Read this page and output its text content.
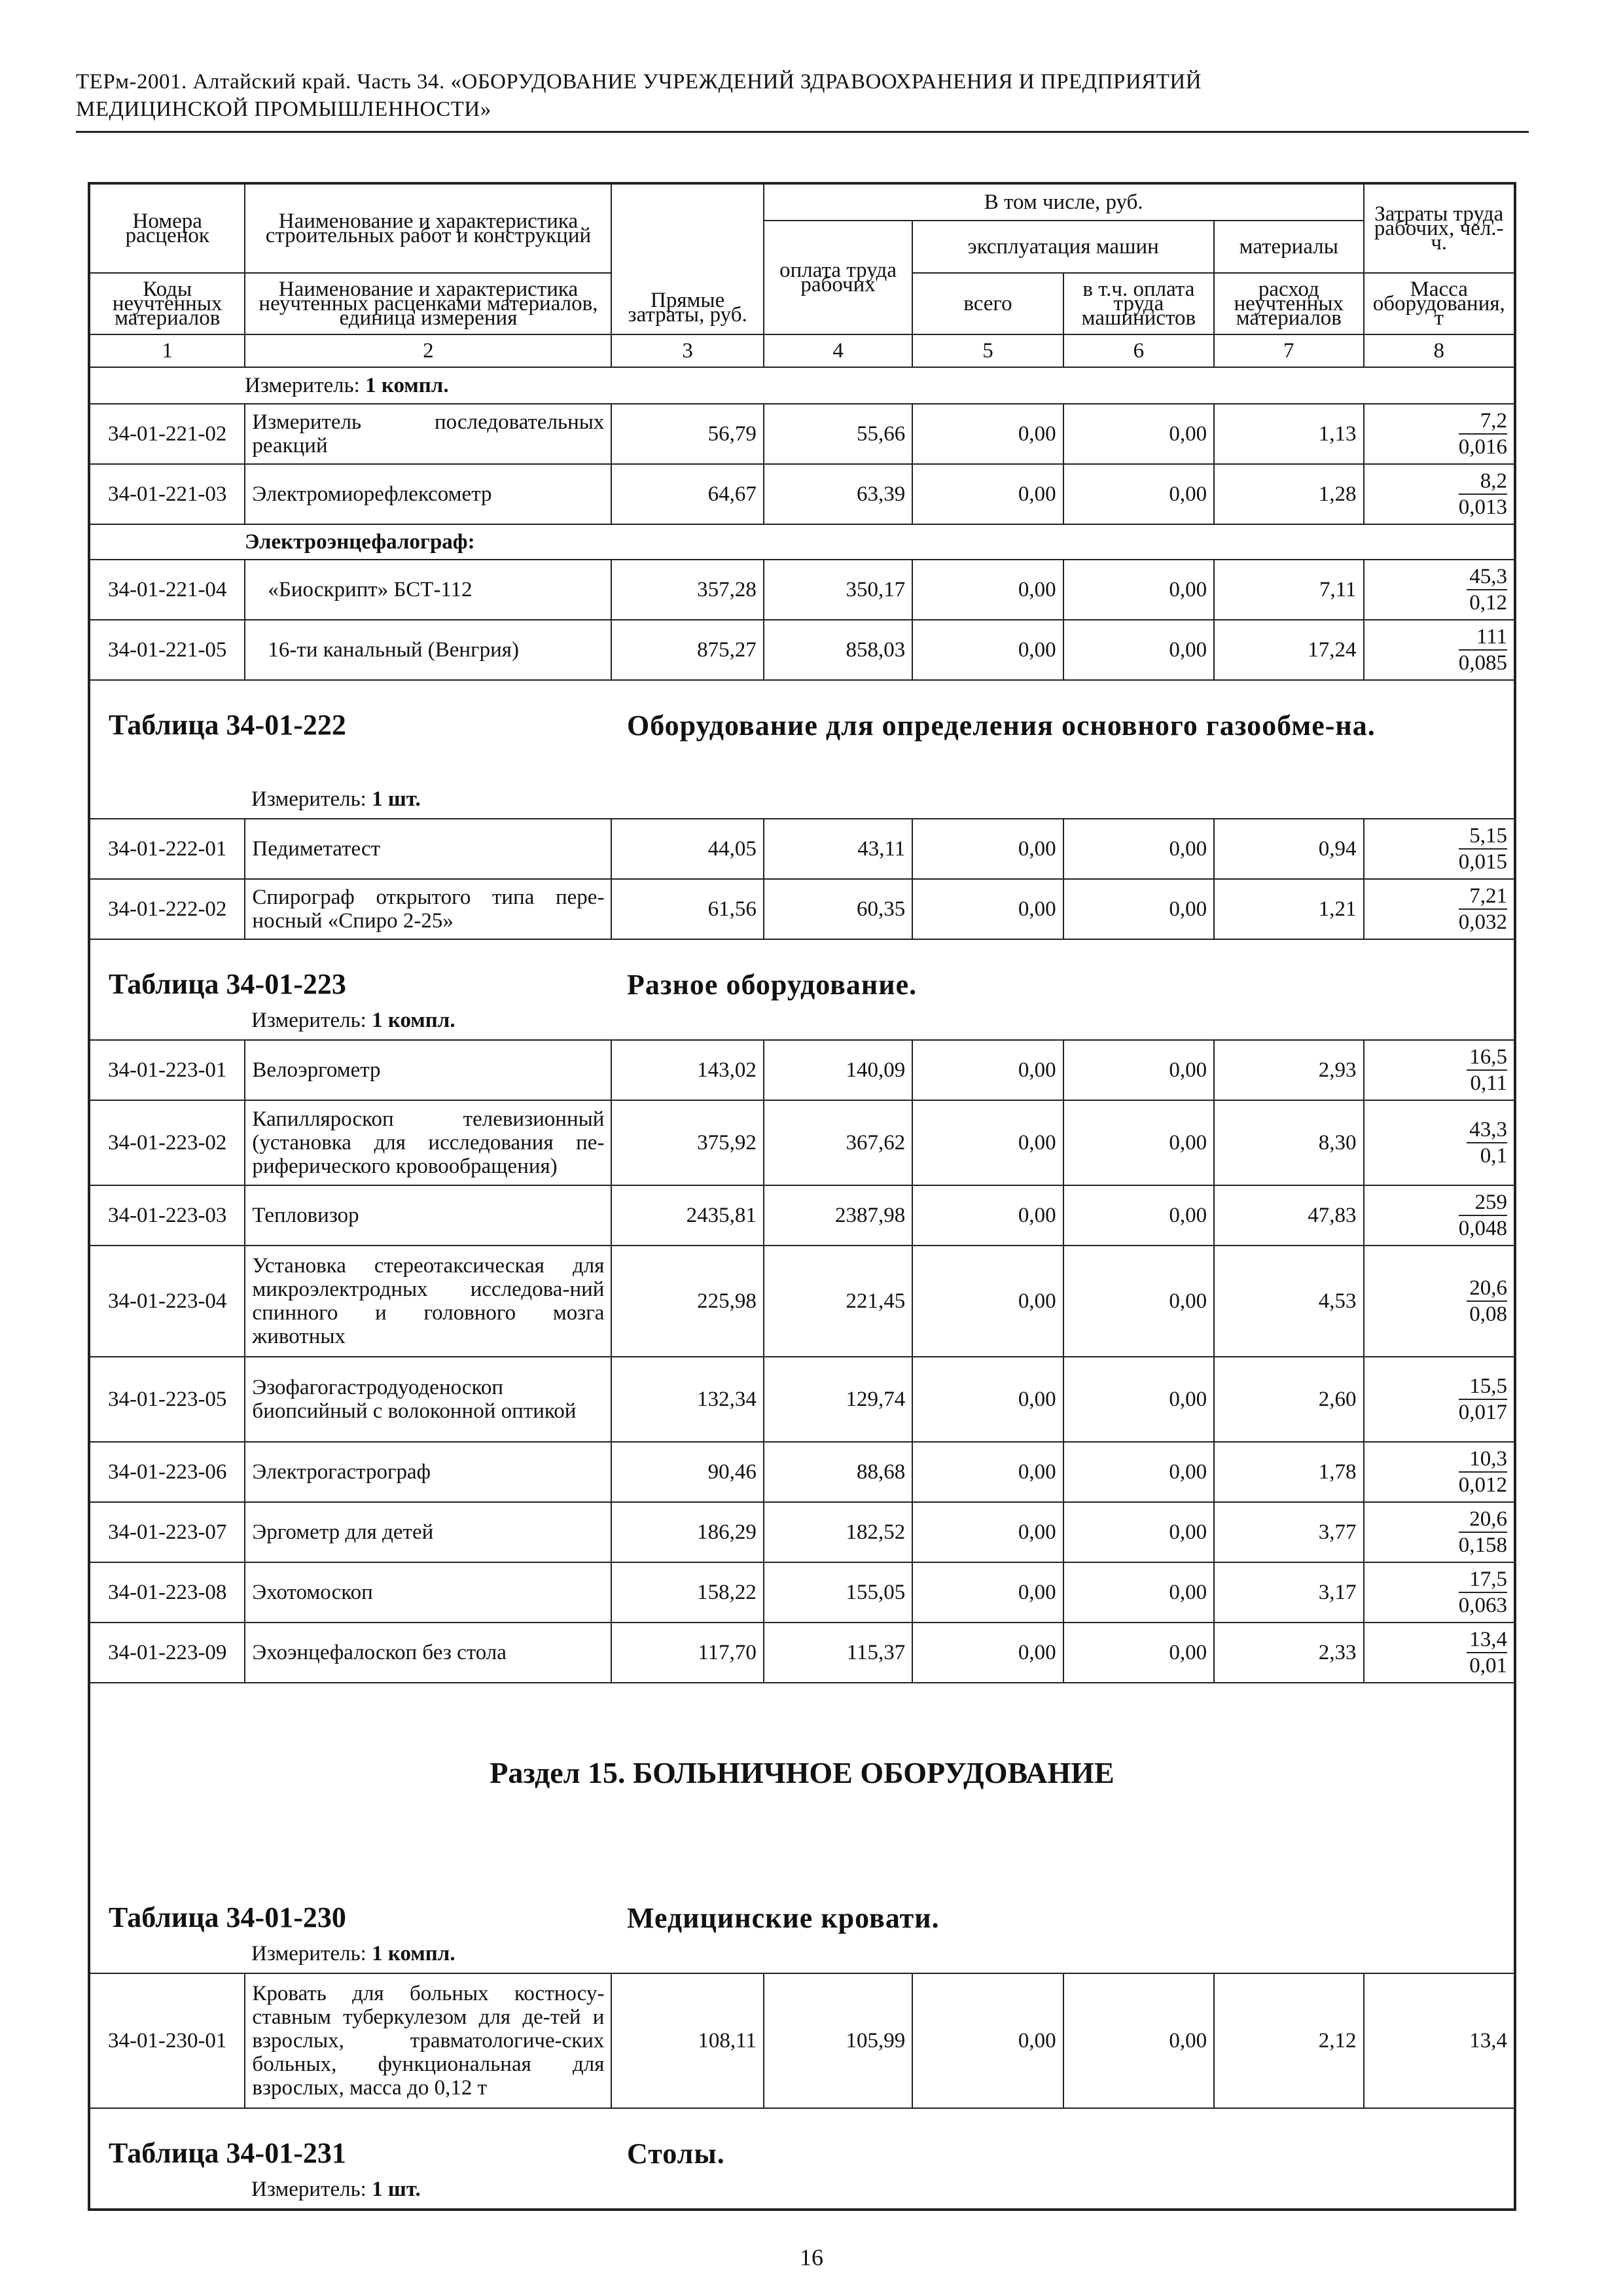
ТЕРм-2001. Алтайский край. Часть 34. «ОБОРУДОВАНИЕ УЧРЕЖДЕНИЙ ЗДРАВООХРАНЕНИЯ И ПРЕДПРИЯТИЙ
МЕДИЦИНСКОЙ ПРОМЫШЛЕННОСТИ»
Номера расценок	Наименование и характеристика строительных работ и конструкций	Прямые затраты, руб.	В том числе, руб.				Затраты труда рабочих, чел.-ч.
			оплата труда рабочих	эксплуатация машин		материалы	
Коды неучтенных материалов	Наименование и характеристика неучтенных расценками материалов, единица измерения			всего	в т.ч. оплата труда машинистов	расход неучтенных материалов	Масса оборудования, т
1	2	3	4	5	6	7	8

Измеритель: 1 компл.							

34-01-221-02	Измеритель последовательных реакций	56,79	55,66	0,00	0,00	1,13	$\frac{7,2}{0,016}$

34-01-221-03	Электромиорефлексометр	64,67	63,39	0,00	0,00	1,28	$\frac{8,2}{0,013}$

Электроэнцефалограф:							

34-01-221-04	«Биоскрипт» БСТ-112	357,28	350,17	0,00	0,00	7,11	$\frac{45,3}{0,12}$

34-01-221-05	16-ти канальный (Венгрия)	875,27	858,03	0,00	0,00	17,24	$\frac{111}{0,085}$

Таблица 34-01-222 Оборудование для определения основного газообме-на.
Измеритель: 1 шт.							

34-01-222-01	Педиметатест	44,05	43,11	0,00	0,00	0,94	$\frac{5,15}{0,015}$

34-01-222-02	Спирограф открытого типа пере-носный «Спиро 2-25»	61,56	60,35	0,00	0,00	1,21	$\frac{7,21}{0,032}$

Таблица 34-01-223 Разное оборудование.
Измеритель: 1 компл.							

34-01-223-01	Велоэргометр	143,02	140,09	0,00	0,00	2,93	$\frac{16,5}{0,11}$

34-01-223-02	Капилляроскоп телевизионный (установка для исследования пе-риферического кровообращения)	375,92	367,62	0,00	0,00	8,30	$\frac{43,3}{0,1}$

34-01-223-03	Тепловизор	2435,81	2387,98	0,00	0,00	47,83	$\frac{259}{0,048}$

34-01-223-04	Установка стереотаксическая для микроэлектродных исследова-ний спинного и головного мозга животных	225,98	221,45	0,00	0,00	4,53	$\frac{20,6}{0,08}$

34-01-223-05	Эзофагогастродуоденоскоп биопсийный с волоконной оптикой	132,34	129,74	0,00	0,00	2,60	$\frac{15,5}{0,017}$

34-01-223-06	Электрогастрограф	90,46	88,68	0,00	0,00	1,78	$\frac{10,3}{0,012}$

34-01-223-07	Эргометр для детей	186,29	182,52	0,00	0,00	3,77	$\frac{20,6}{0,158}$

34-01-223-08	Эхотомоскоп	158,22	155,05	0,00	0,00	3,17	$\frac{17,5}{0,063}$

34-01-223-09	Эхоэнцефалоскоп без стола	117,70	115,37	0,00	0,00	2,33	$\frac{13,4}{0,01}$

Раздел 15. БОЛЬНИЧНОЕ ОБОРУДОВАНИЕ							

Таблица 34-01-230 Медицинские кровати.
Измеритель: 1 компл.							

34-01-230-01	Кровать для больных костносу-ставным туберкулезом для де-тей и взрослых, травматологиче-ских больных, функциональная для взрослых, масса до 0,12 т	108,11	105,99	0,00	0,00	2,12	13,4

Таблица 34-01-231 Столы.
Измеритель: 1 шт.							
16
